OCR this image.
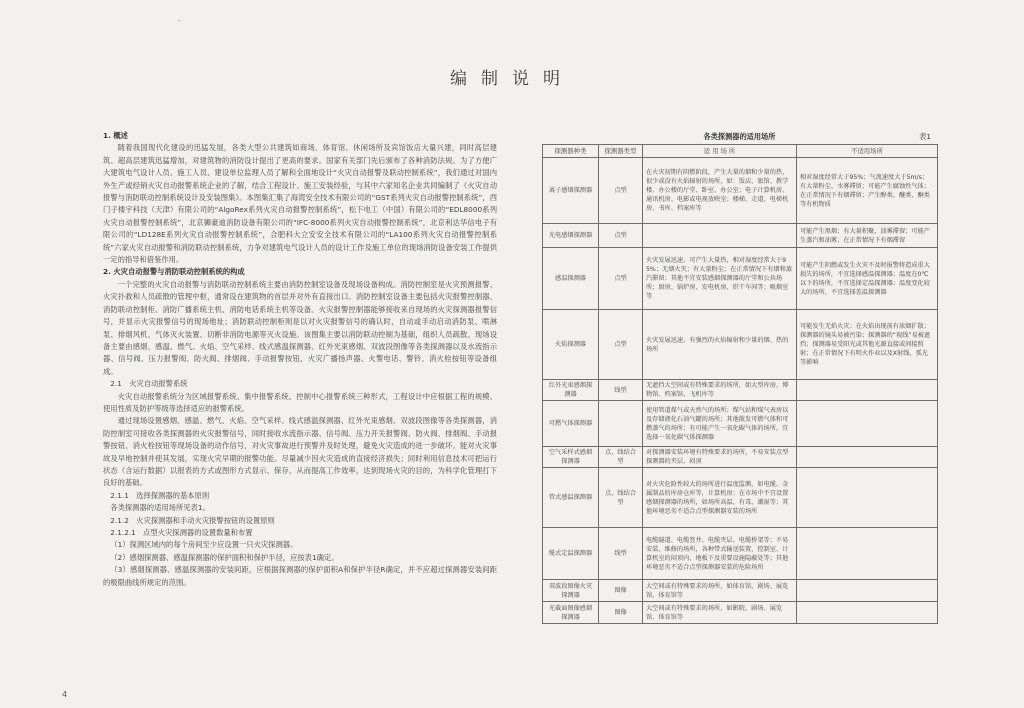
-
编制说明

1. 概述

随着我国现代化建设的迅猛发展，各类大型公共建筑如商场、体育馆、休闲场所及宾馆饭店大量兴建，同时高层建筑、超高层建筑迅猛增加，对建筑物的消防设计提出了更高的要求。国家有关部门先后颁布了各种消防法规。为了方便广大建筑电气设计人员、施工人员、建设单位监理人员了解和全面地设计“火灾自动报警及联动控制系统”，我们通过对国内外生产或经销火灾自动报警系统企业的了解，结合工程设计、施工安装经验，与其中六家知名企业共同编制了《火灾自动报警与消防联动控制系统设计及安装图集》。本图集汇集了海湾安全技术有限公司的“GST系列火灾自动报警控制系统”，西门子楼宇科技（天津）有限公司的“AlgoRex系列火灾自动报警控制系统”，松下电工（中国）有限公司的“EDL8000系列火灾自动报警控制系统”，北京狮豪迪消防设备有限公司的“IFC-8000系列火灾自动报警控制系统”，北京利达华信电子有限公司的“LD128E系列火灾自动报警控制系统”，合肥科大立安安全技术有限公司的“LA100系列火灾自动报警控制系统”六家火灾自动报警和消防联动控制系统，力争对建筑电气设计人员的设计工作及施工单位的现场消防设备安装工作提供一定的指导和借鉴作用。

2. 火灾自动报警与消防联动控制系统的构成

一个完整的火灾自动报警与消防联动控制系统主要由消防控制室设备及现场设备构成。消防控制室是火灾预测报警、火灾扑救和人员疏散的管理中枢，通常设在建筑物的首层并对外有直接出口。消防控制室设备主要包括火灾报警控制器、消防联动控制柜、消防广播系统主机、消防电话系统主机等设备。火灾报警控制器能够接收来自现场的火灾探测器报警信号，并显示火灾报警信号的现场地址；消防联动控制柜则是以对火灾报警信号的确认时，自动或手动启动消防泵、喷淋泵、排烟风机、气体灭火装置、切断非消防电源等灭火设施。该图集主要以消防联动控制为基础，组织人员疏散、现场设备主要由感烟、感温、燃气、火焰、空气采样、线式感温探测器、红外光束感烟、双波段图像等各类探测器以及水流指示器、信号阀、压力报警阀、防火阀、排烟阀、手动报警按钮、火灾广播扬声器、火警电话、警铃、消火栓按钮等设备组成。

2.1　火灾自动报警系统

火灾自动报警系统分为区域报警系统、集中报警系统、控制中心报警系统三种形式，工程设计中应根据工程的规模、使用性质及防护等级等选择适应的报警系统。

通过现场设置感烟、感温、燃气、火焰、空气采样、线式感温探测器、红外光束感烟、双波段图像等各类探测器，消防控制室可接收各类探测器的火灾报警信号，同时接收水流指示器、信号阀、压力开关报警阀、防火阀、排烟阀、手动报警按钮、消火栓按钮等现场设备的动作信号，对火灾事故进行预警并及时处理，避免火灾造成的进一步破坏。能对火灾事故及早地控制并使其发展，实现火灾早期的报警功能。尽量减少因火灾造成的直接经济损失；同时利用信息技术可把运行状态（含运行数据）以报表的方式或图形方式显示、保存，从而提高工作效率，达到现场火灾的目的，为科学化管理打下良好的基础。

2.1.1　选择探测器的基本原则

各类探测器的适用场所见表1。

2.1.2　火灾探测器和手动火灾报警按钮的设置原则

2.1.2.1　点型火灾探测器的设置数量和布置

（1）探测区域内的每个房间至少应设置一只火灾探测器。

（2）感烟探测器、感温探测器的保护面积和保护半径，应按表1确定。

（3）感烟探测器、感温探测器的安装间距，应根据探测器的保护面积A和保护半径R确定，并不应超过探测器安装间距的极限曲线所规定的范围。

各类探测器的适用场所	表1
探测器种类	探测器类型	适 用 场 所	不适用场所
离子感烟探测器	点型	在火灾初期有阴燃阶段，产生大量的烟和少量的热，很少或没有火焰辐射的场所，如：饭店、旅馆、教学楼、办公楼的厅堂、卧室、办公室；电子计算机房、通讯机房、电影或电视放映室；楼梯、走道、电梯机房、书库、档案库等	相对湿度经常大于95%；气流速度大于5m/s；有大量粉尘、水雾滞留；可能产生腐蚀性气体；在正常情况下有烟滞留；产生醇类、醚类、酮类等有机物质
光电感烟探测器	点型		可能产生黑烟；有大量积聚、油雾滞留；可能产生蒸汽和油雾；在正常情况下有烟滞留
感温探测器	点型	火灾发展迅速，可产生大量热，相对湿度经常大于95%；无烟火灾；有大量粉尘；在正常情况下有烟和蒸汽滞留；其他不宜安装感烟探测器的厅堂和公共场所；厨房、锅炉房、发电机房、烘干车间等；吸烟室等	可能产生阴燃或发生火灾不及时报警将造成重大损失的场所，不宜选择感温探测器；温度在0℃以下的场所，不宜选择定温探测器；温度变化较大的场所，不宜选择差温探测器
火焰探测器	点型	火灾发展迅速，有强烈的火焰辐射和少量的烟、热的场所	可能发生无焰火灾；在火焰出现前有浓烟扩散；探测器的镜头易被污染；探测器的“视线”易被遮挡；探测器易受阳光或其他光源直接或间接照射；在正常情况下有明火作业以及X射线、弧光等影响
红外光束感烟探测器	线型	无遮挡大空间或有特殊要求的场所，如大型库房、博物馆、档案馆、飞机库等	
可燃气体探测器		使用管道煤气或天然气的场所；煤气站和煤气表房以及存储液化石油气罐的场所；其他散发可燃气体和可燃蒸气的场所；有可能产生一氧化碳气体的场所，宜选择一氧化碳气体探测器	
空气采样式感烟探测器	点、线结合型	对探测器安装环境有特殊要求的场所，不易安装点型探测器的夹层、闷顶	
管式感温探测器	点、线结合型	对火灾危险性较大的场所进行温度监测，如电缆、金属制品的库房仓库等，计算机房；在市场中不宜设置感烟探测器的场所，如场所高温、有毒、潮湿等；其他环境恶劣不适合点型探测器安装的场所	
缆式定温探测器	线型	电缆隧道、电缆竖井、电缆夹层、电缆桥架等；不易安装、维修的场所，各种带式输送装置，控制室、计算机室的闷顶内、地板下及重要设施隐蔽处等；其他环境恶劣不适合点型探测器安装的危险场所	
双波段图像火灾探测器	图像	大空间或有特殊要求的场所，如体育馆、剧场、展览馆、体育馆等	
光截面图像感烟探测器	图像	大空间或有特殊要求的场所，如影院、剧场、展览馆、体育馆等	
4
